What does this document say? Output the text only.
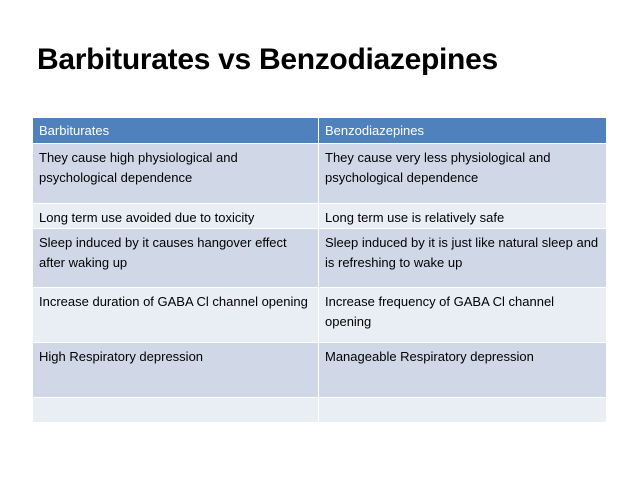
Barbiturates vs Benzodiazepines
Barbiturates	Benzodiazepines
They cause high physiological and psychological dependence	They cause very less physiological and psychological dependence
Long term use avoided due to toxicity	Long term use is relatively safe
Sleep induced by it causes hangover effect after waking up	Sleep induced by it is just like natural sleep and is refreshing to wake up
Increase duration of GABA Cl channel opening	Increase frequency of GABA Cl channel opening
High Respiratory depression	Manageable Respiratory depression
